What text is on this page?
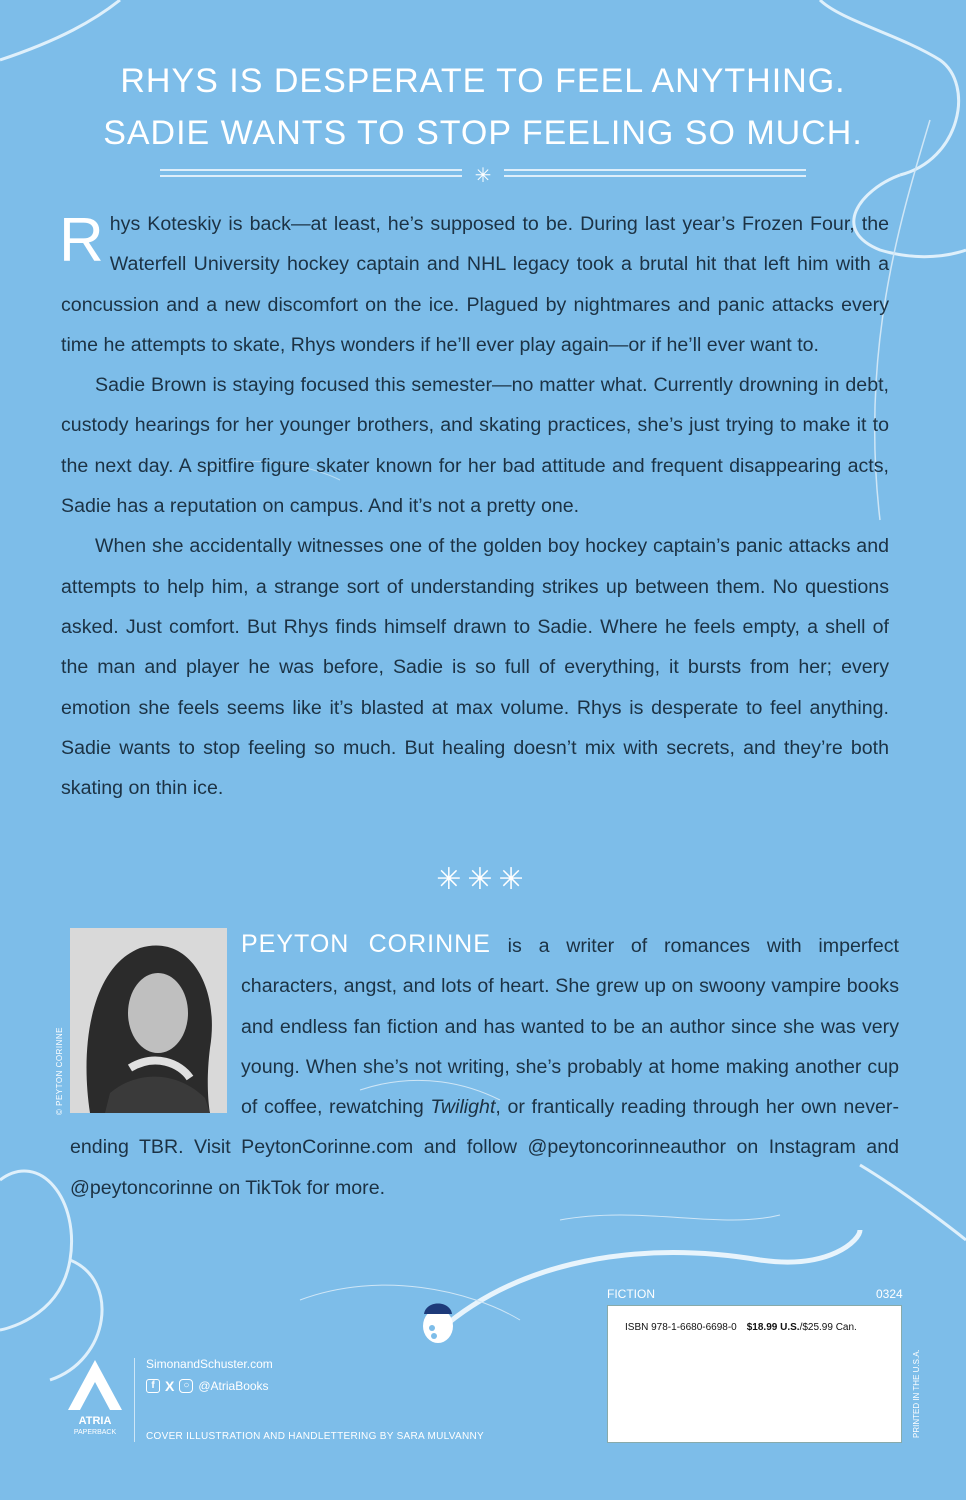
RHYS IS DESPERATE TO FEEL ANYTHING.
SADIE WANTS TO STOP FEELING SO MUCH.
✳

Rhys Koteskiy is back—at least, he’s supposed to be. During last year’s Frozen Four, the Waterfell University hockey captain and NHL legacy took a brutal hit that left him with a concussion and a new discomfort on the ice. Plagued by nightmares and panic attacks every time he attempts to skate, Rhys wonders if he’ll ever play again—or if he’ll ever want to.

Sadie Brown is staying focused this semester—no matter what. Currently drowning in debt, custody hearings for her younger brothers, and skating practices, she’s just trying to make it to the next day. A spitfire figure skater known for her bad attitude and frequent disappearing acts, Sadie has a reputation on campus. And it’s not a pretty one.

When she accidentally witnesses one of the golden boy hockey captain’s panic attacks and attempts to help him, a strange sort of understanding strikes up between them. No questions asked. Just comfort. But Rhys finds himself drawn to Sadie. Where he feels empty, a shell of the man and player he was before, Sadie is so full of everything, it bursts from her; every emotion she feels seems like it’s blasted at max volume. Rhys is desperate to feel anything. Sadie wants to stop feeling so much. But healing doesn’t mix with secrets, and they’re both skating on thin ice.

✳✳✳
© PEYTON CORINNE
PEYTON CORINNE is a writer of romances with imperfect characters, angst, and lots of heart. She grew up on swoony vampire books and endless fan fiction and has wanted to be an author since she was very young. When she’s not writing, she’s probably at home making another cup of coffee, rewatching Twilight, or frantically reading through her own never-ending TBR. Visit PeytonCorinne.com and follow @peytoncorinneauthor on Instagram and @peytoncorinne on TikTok for more.
ATRIA
PAPERBACK
SimonandSchuster.com
f X ○ @AtriaBooks
COVER ILLUSTRATION AND HANDLETTERING BY SARA MULVANNY
FICTION	0324
ISBN 978-1-6680-6698-0 $18.99 U.S./$25.99 Can.
PRINTED IN THE U.S.A.
